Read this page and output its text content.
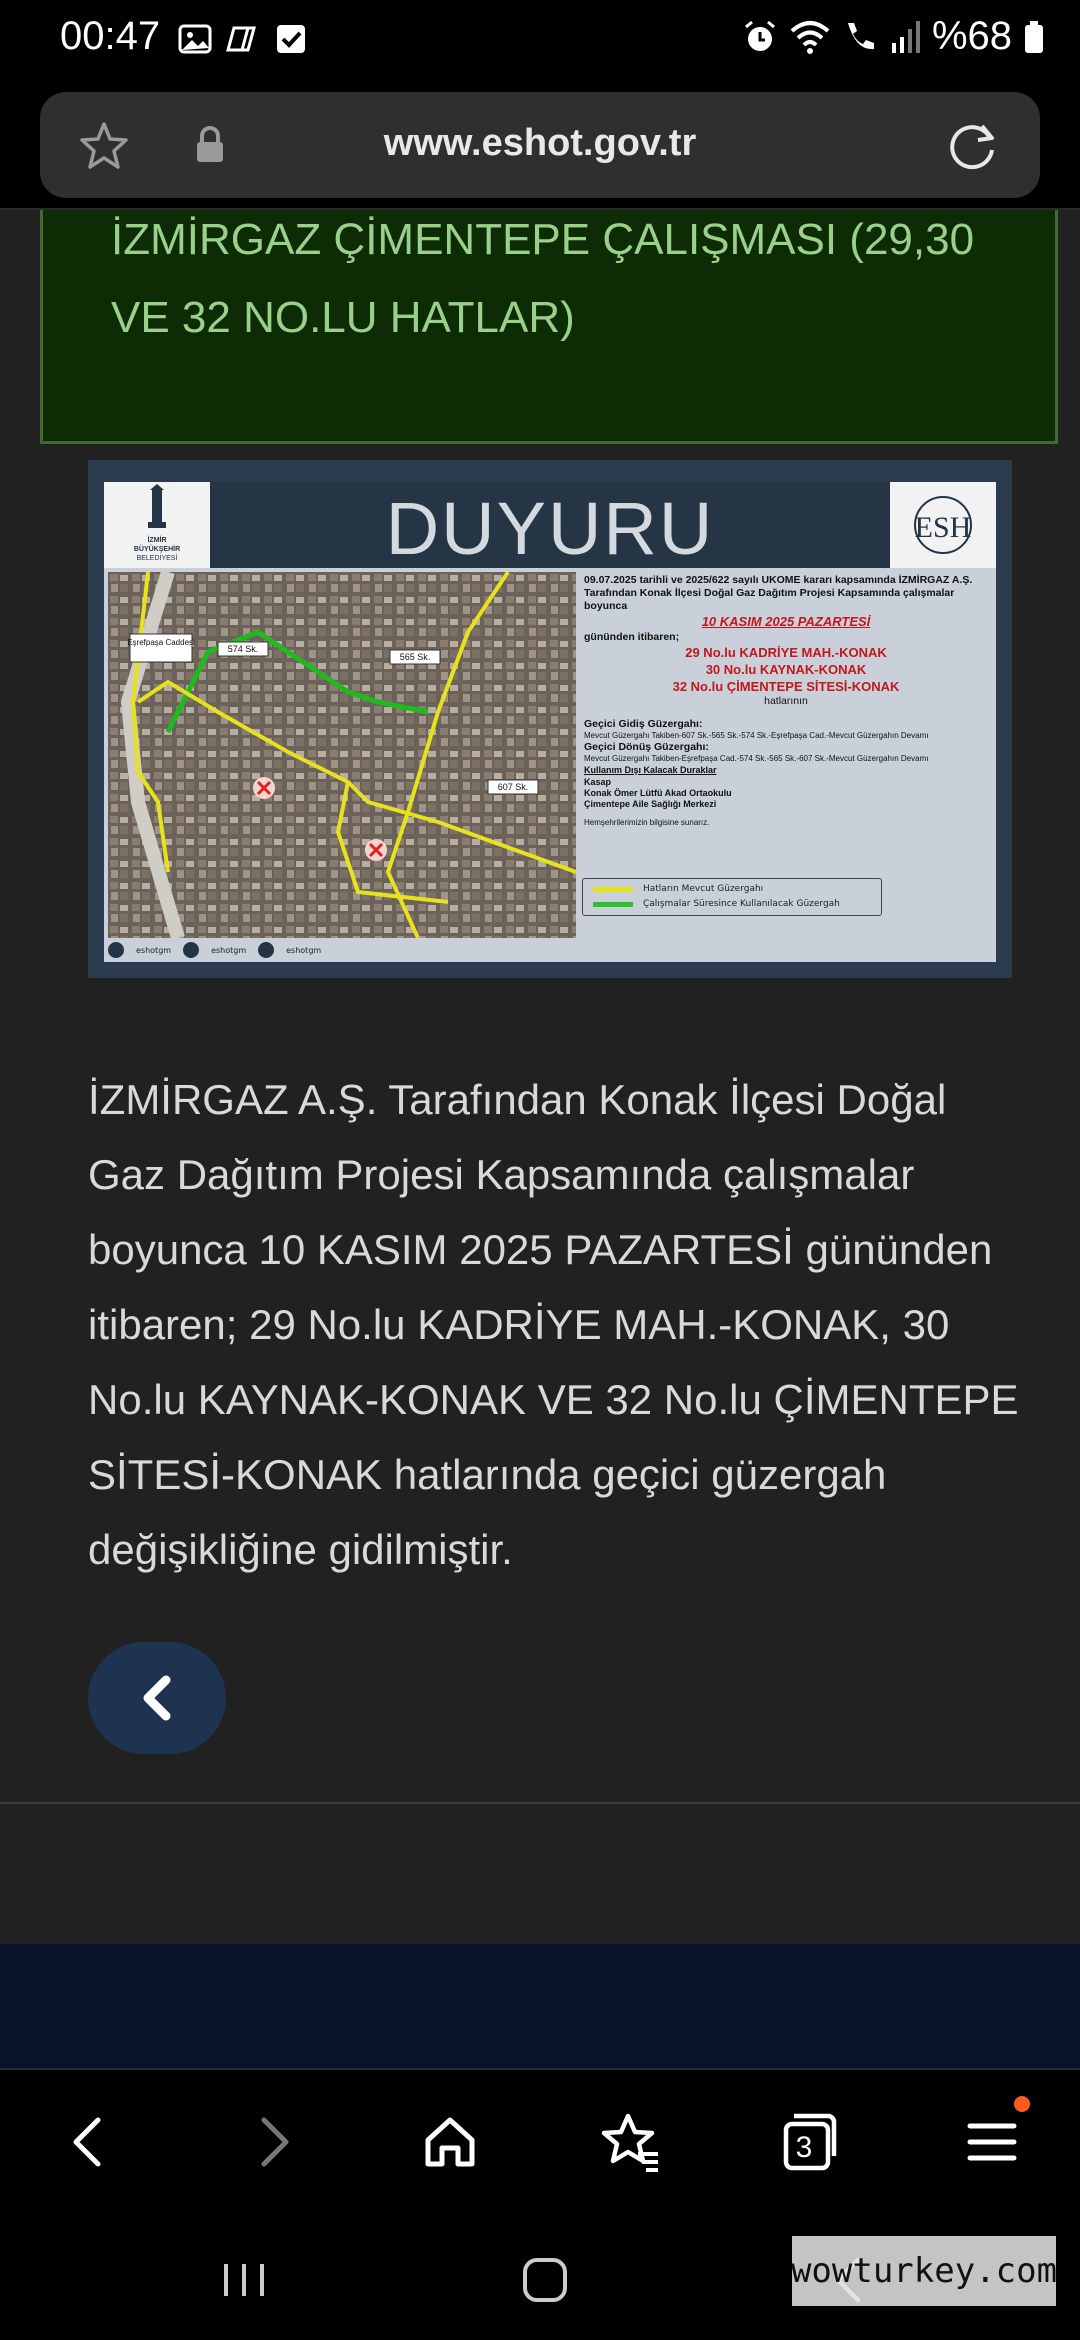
00:47	%68
www.eshot.gov.tr
İZMİRGAZ ÇİMENTEPE ÇALIŞMASI (29,30 VE 32 NO.LU HATLAR)
İZMİR
BÜYÜKŞEHİR
BELEDİYESİ	DUYURU	ESH
Eşrefpaşa Caddesi
574 Sk.
565 Sk.
607 Sk.
09.07.2025 tarihli ve 2025/622 sayılı UKOME kararı kapsamında İZMİRGAZ A.Ş. Tarafından Konak İlçesi Doğal Gaz Dağıtım Projesi Kapsamında çalışmalar boyunca
10 KASIM 2025 PAZARTESİ
gününden itibaren;
29 No.lu KADRİYE MAH.-KONAK
30 No.lu KAYNAK-KONAK
32 No.lu ÇİMENTEPE SİTESİ-KONAK
hatlarının
Geçici Gidiş Güzergahı:
Mevcut Güzergahı Takiben-607 Sk.-565 Sk.-574 Sk.-Eşrefpaşa Cad.-Mevcut Güzergahın Devamı
Geçici Dönüş Güzergahı:
Mevcut Güzergahı Takiben-Eşrefpaşa Cad.-574 Sk.-565 Sk.-607 Sk.-Mevcut Güzergahın Devamı
Kullanım Dışı Kalacak Duraklar
Kasap
Konak Ömer Lütfü Akad Ortaokulu
Çimentepe Aile Sağlığı Merkezi
Hemşehrilerimizin bilgisine sunarız.
Hatların Mevcut Güzergahı
Çalışmalar Süresince Kullanılacak Güzergah
eshotgm	eshotgm	eshotgm
İZMİRGAZ A.Ş. Tarafından Konak İlçesi Doğal Gaz Dağıtım Projesi Kapsamında çalışmalar boyunca 10 KASIM 2025 PAZARTESİ gününden itibaren; 29 No.lu KADRİYE MAH.-KONAK, 30 No.lu KAYNAK-KONAK VE 32 No.lu ÇİMENTEPE SİTESİ-KONAK hatlarında geçici güzergah değişikliğine gidilmiştir.
3
wowturkey.com
